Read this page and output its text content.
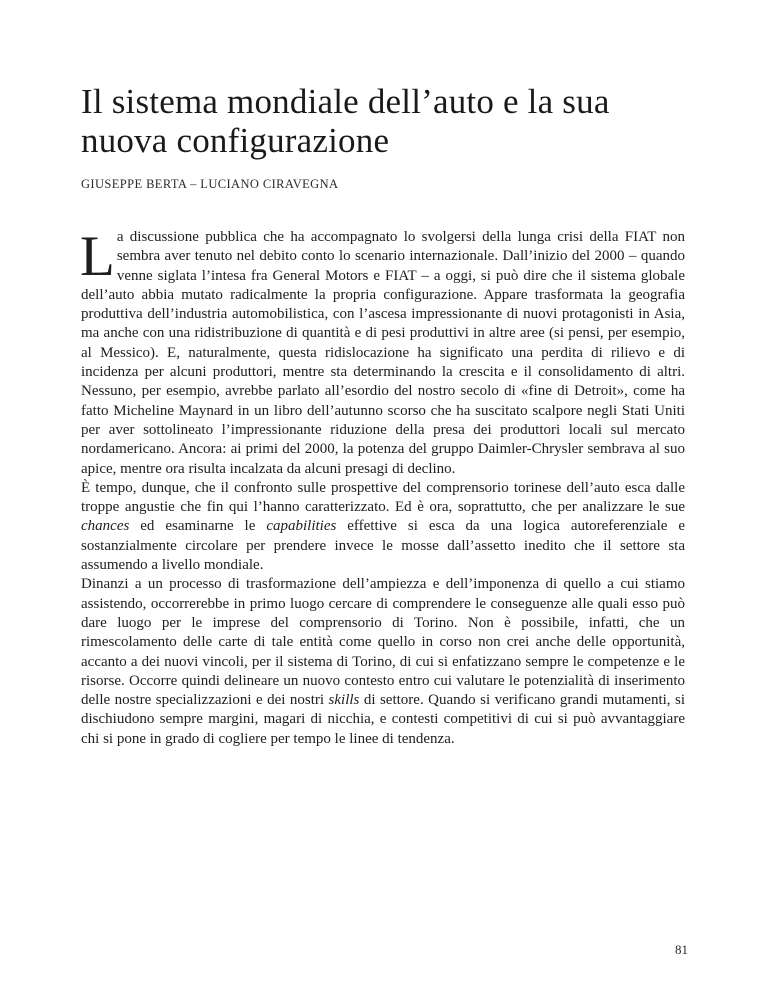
Il sistema mondiale dell’auto e la sua
nuova configurazione

GIUSEPPE BERTA – LUCIANO CIRAVEGNA

La discussione pubblica che ha accompagnato lo svolgersi della lunga crisi della FIAT non sembra aver tenuto nel debito conto lo scenario internazionale. Dall’inizio del 2000 – quando venne siglata l’intesa fra General Motors e FIAT – a oggi, si può dire che il sistema globale dell’auto abbia mutato radicalmente la propria configurazione. Appare trasformata la geografia produttiva dell’industria automobilistica, con l’ascesa impressionante di nuovi protagonisti in Asia, ma anche con una ridistribuzione di quantità e di pesi produttivi in altre aree (si pensi, per esempio, al Messico). E, naturalmente, questa ridislocazione ha significato una perdita di rilievo e di incidenza per alcuni produttori, mentre sta determinando la crescita e il consolidamento di altri. Nessuno, per esempio, avrebbe parlato all’esordio del nostro secolo di «fine di Detroit», come ha fatto Micheline Maynard in un libro dell’autunno scorso che ha suscitato scalpore negli Stati Uniti per aver sottolineato l’impressionante riduzione della presa dei produttori locali sul mercato nordamericano. Ancora: ai primi del 2000, la potenza del gruppo Daimler-Chrysler sembrava al suo apice, mentre ora risulta incalzata da alcuni presagi di declino.

È tempo, dunque, che il confronto sulle prospettive del comprensorio torinese dell’auto esca dalle troppe angustie che fin qui l’hanno caratterizzato. Ed è ora, soprattutto, che per analizzare le sue chances ed esaminarne le capabilities effettive si esca da una logica autoreferenziale e sostanzialmente circolare per prendere invece le mosse dall’assetto inedito che il settore sta assumendo a livello mondiale.

Dinanzi a un processo di trasformazione dell’ampiezza e dell’imponenza di quello a cui stiamo assistendo, occorrerebbe in primo luogo cercare di comprendere le conseguenze alle quali esso può dare luogo per le imprese del comprensorio di Torino. Non è possibile, infatti, che un rimescolamento delle carte di tale entità come quello in corso non crei anche delle opportunità, accanto a dei nuovi vincoli, per il sistema di Torino, di cui si enfatizzano sempre le competenze e le risorse. Occorre quindi delineare un nuovo contesto entro cui valutare le potenzialità di inserimento delle nostre specializzazioni e dei nostri skills di settore. Quando si verificano grandi mutamenti, si dischiudono sempre margini, magari di nicchia, e contesti competitivi di cui si può avvantaggiare chi si pone in grado di cogliere per tempo le linee di tendenza.

81
